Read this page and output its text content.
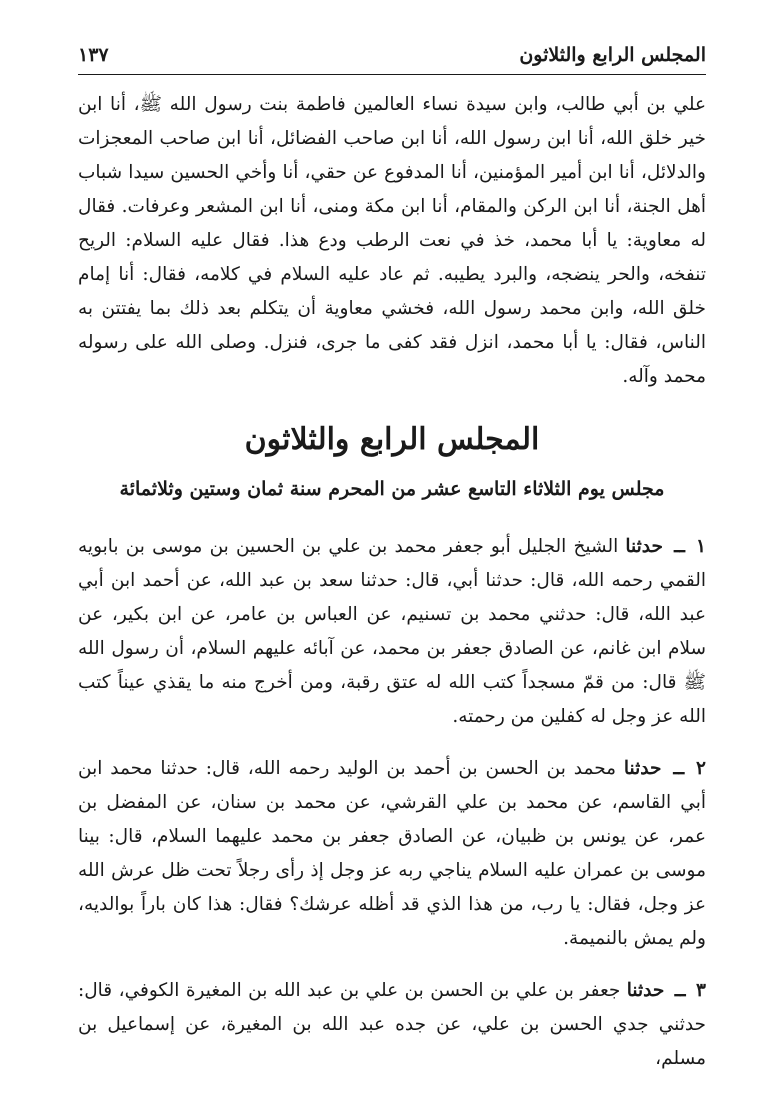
المجلس الرابع والثلاثون
١٣٧

علي بن أبي طالب، وابن سيدة نساء العالمين فاطمة بنت رسول الله ﷺ، أنا ابن خير خلق الله، أنا ابن رسول الله، أنا ابن صاحب الفضائل، أنا ابن صاحب المعجزات والدلائل، أنا ابن أمير المؤمنين، أنا المدفوع عن حقي، أنا وأخي الحسين سيدا شباب أهل الجنة، أنا ابن الركن والمقام، أنا ابن مكة ومنى، أنا ابن المشعر وعرفات. فقال له معاوية: يا أبا محمد، خذ في نعت الرطب ودع هذا. فقال عليه السلام: الريح تنفخه، والحر ينضجه، والبرد يطيبه. ثم عاد عليه السلام في كلامه، فقال: أنا إمام خلق الله، وابن محمد رسول الله، فخشي معاوية أن يتكلم بعد ذلك بما يفتتن به الناس، فقال: يا أبا محمد، انزل فقد كفى ما جرى، فنزل. وصلى الله على رسوله محمد وآله.

المجلس الرابع والثلاثون
مجلس يوم الثلاثاء التاسع عشر من المحرم سنة ثمان وستين وثلاثمائة

١ ــ حدثنا الشيخ الجليل أبو جعفر محمد بن علي بن الحسين بن موسى بن بابويه القمي رحمه الله، قال: حدثنا أبي، قال: حدثنا سعد بن عبد الله، عن أحمد ابن أبي عبد الله، قال: حدثني محمد بن تسنيم، عن العباس بن عامر، عن ابن بكير، عن سلام ابن غانم، عن الصادق جعفر بن محمد، عن آبائه عليهم السلام، أن رسول الله ﷺ قال: من قمّ مسجداً كتب الله له عتق رقبة، ومن أخرج منه ما يقذي عيناً كتب الله عز وجل له كفلين من رحمته.

٢ ــ حدثنا محمد بن الحسن بن أحمد بن الوليد رحمه الله، قال: حدثنا محمد ابن أبي القاسم، عن محمد بن علي القرشي، عن محمد بن سنان، عن المفضل بن عمر، عن يونس بن ظبيان، عن الصادق جعفر بن محمد عليهما السلام، قال: بينا موسى بن عمران عليه السلام يناجي ربه عز وجل إذ رأى رجلاً تحت ظل عرش الله عز وجل، فقال: يا رب، من هذا الذي قد أظله عرشك؟ فقال: هذا كان باراً بوالديه، ولم يمش بالنميمة.

٣ ــ حدثنا جعفر بن علي بن الحسن بن علي بن عبد الله بن المغيرة الكوفي، قال: حدثني جدي الحسن بن علي، عن جده عبد الله بن المغيرة، عن إسماعيل بن مسلم،
